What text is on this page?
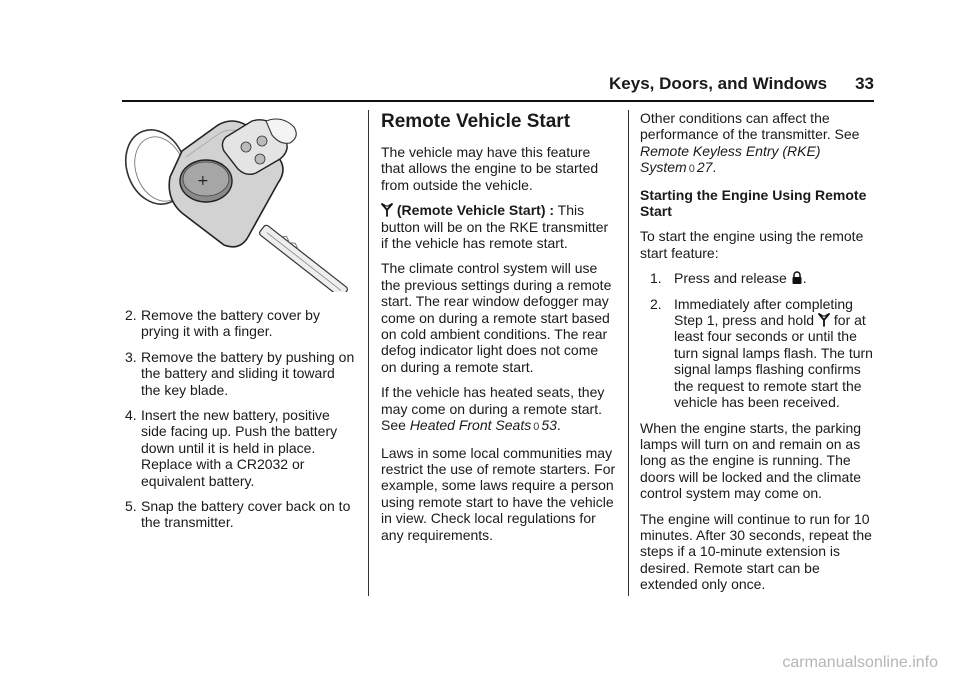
Keys, Doors, and Windows 33
+
2. Remove the battery cover by prying it with a finger.
3. Remove the battery by pushing on the battery and sliding it toward the key blade.
4. Insert the new battery, positive side facing up. Push the battery down until it is held in place. Replace with a CR2032 or equivalent battery.
5. Snap the battery cover back on to the transmitter.
Remote Vehicle Start

The vehicle may have this feature that allows the engine to be started from outside the vehicle.

(Remote Vehicle Start) : This button will be on the RKE transmitter if the vehicle has remote start.

The climate control system will use the previous settings during a remote start. The rear window defogger may come on during a remote start based on cold ambient conditions. The rear defog indicator light does not come on during a remote start.

If the vehicle has heated seats, they may come on during a remote start. See Heated Front Seats 0 53.

Laws in some local communities may restrict the use of remote starters. For example, some laws require a person using remote start to have the vehicle in view. Check local regulations for any requirements.

Other conditions can affect the performance of the transmitter. See Remote Keyless Entry (RKE) System 0 27.

Starting the Engine Using Remote Start

To start the engine using the remote start feature:

1. Press and release .
2. Immediately after completing Step 1, press and hold for at least four seconds or until the turn signal lamps flash. The turn signal lamps flashing confirms the request to remote start the vehicle has been received.

When the engine starts, the parking lamps will turn on and remain on as long as the engine is running. The doors will be locked and the climate control system may come on.

The engine will continue to run for 10 minutes. After 30 seconds, repeat the steps if a 10-minute extension is desired. Remote start can be extended only once.

carmanualsonline.info
